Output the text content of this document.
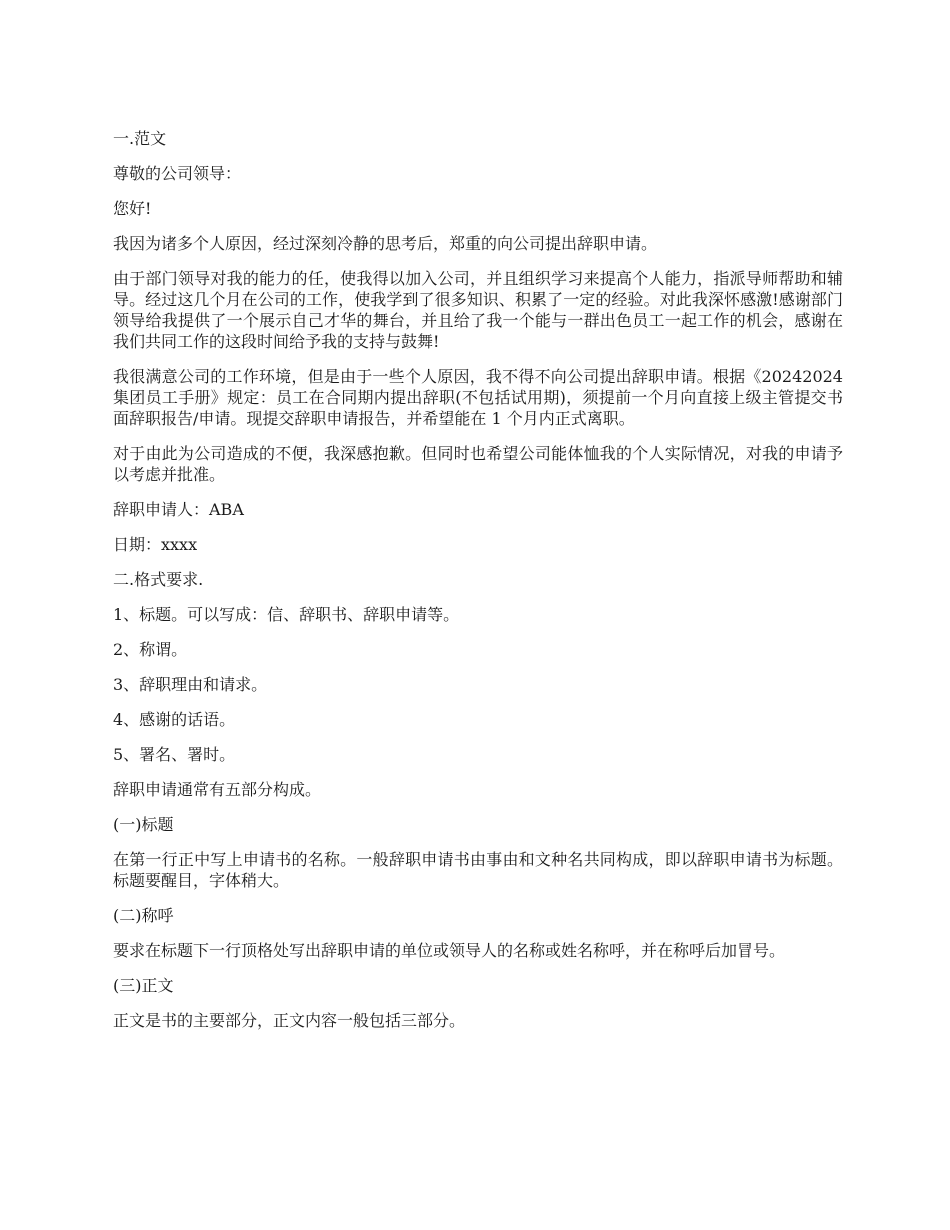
一.范文

尊敬的公司领导：

您好!

我因为诸多个人原因，经过深刻冷静的思考后，郑重的向公司提出辞职申请。

由于部门领导对我的能力的任，使我得以加入公司，并且组织学习来提高个人能力，指派导师帮助和辅导。经过这几个月在公司的工作，使我学到了很多知识、积累了一定的经验。对此我深怀感激!感谢部门领导给我提供了一个展示自己才华的舞台，并且给了我一个能与一群出色员工一起工作的机会，感谢在我们共同工作的这段时间给予我的支持与鼓舞!

我很满意公司的工作环境，但是由于一些个人原因，我不得不向公司提出辞职申请。根据《20242024 集团员工手册》规定：员工在合同期内提出辞职(不包括试用期)，须提前一个月向直接上级主管提交书面辞职报告/申请。现提交辞职申请报告，并希望能在 1 个月内正式离职。

对于由此为公司造成的不便，我深感抱歉。但同时也希望公司能体恤我的个人实际情况，对我的申请予以考虑并批准。

辞职申请人：ABA

日期：xxxx

二.格式要求.

1、标题。可以写成：信、辞职书、辞职申请等。

2、称谓。

3、辞职理由和请求。

4、感谢的话语。

5、署名、署时。

辞职申请通常有五部分构成。

(一)标题

在第一行正中写上申请书的名称。一般辞职申请书由事由和文种名共同构成，即以辞职申请书为标题。标题要醒目，字体稍大。

(二)称呼

要求在标题下一行顶格处写出辞职申请的单位或领导人的名称或姓名称呼，并在称呼后加冒号。

(三)正文

正文是书的主要部分，正文内容一般包括三部分。
